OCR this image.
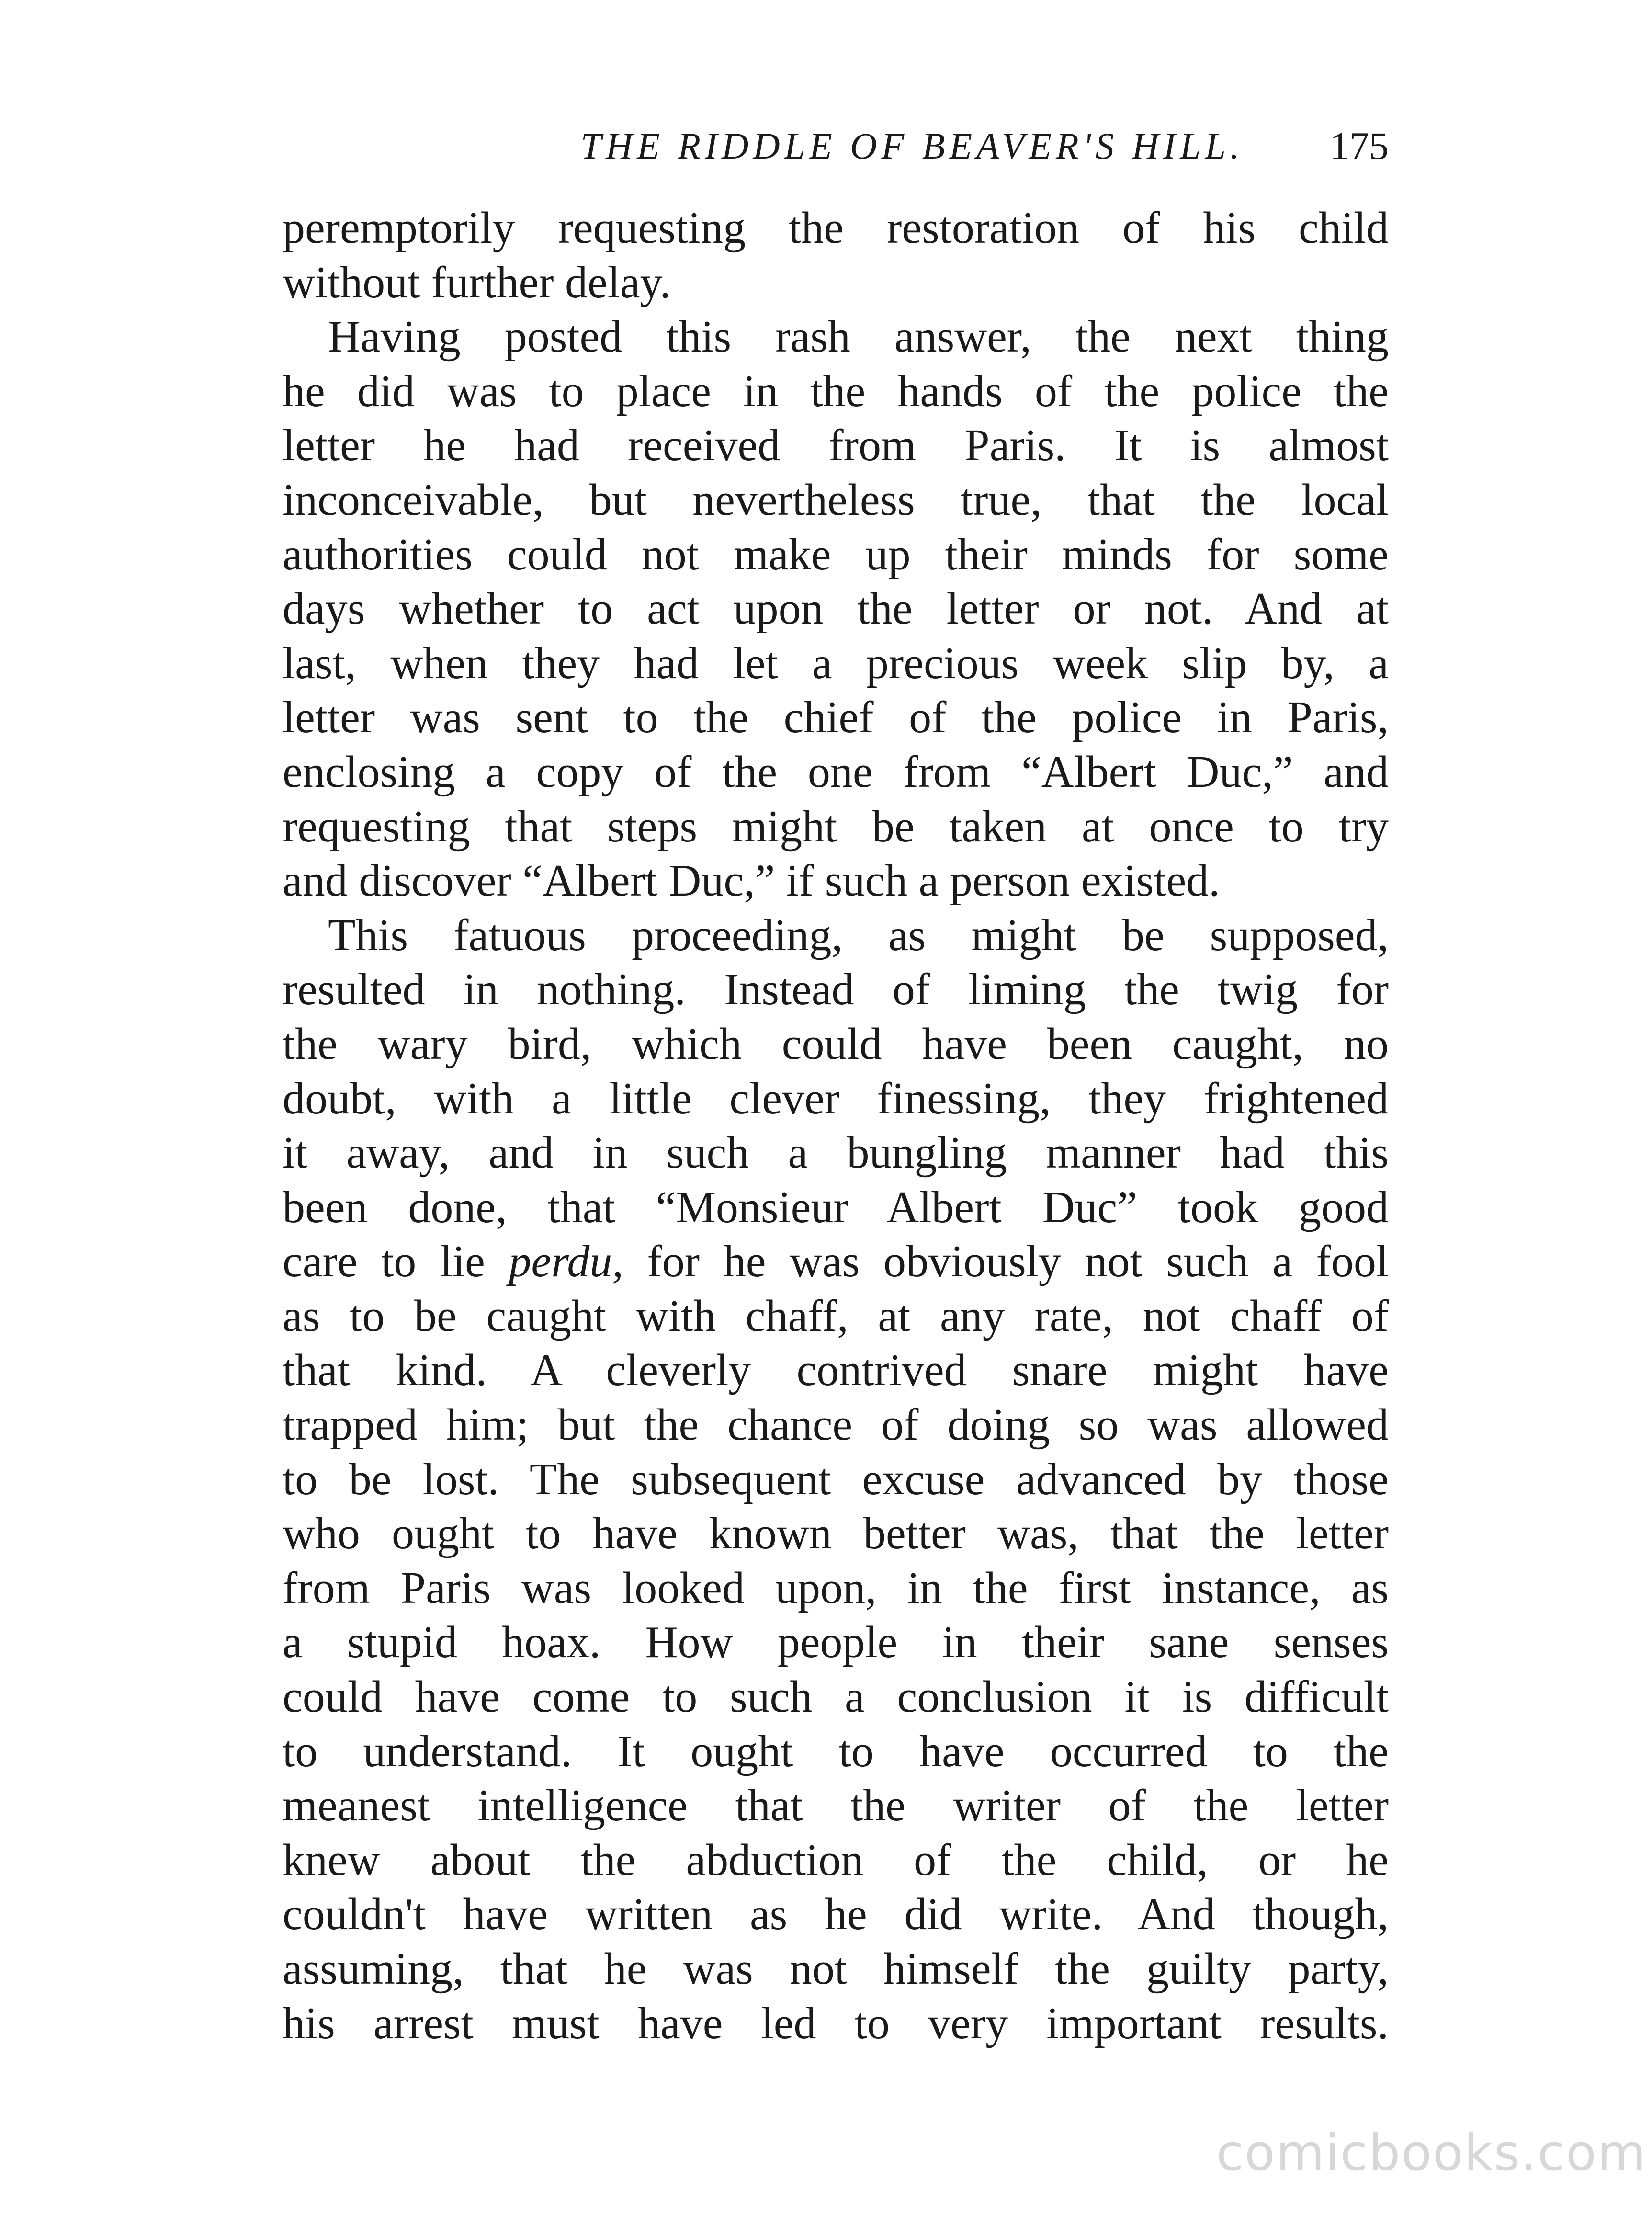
THE RIDDLE OF BEAVER'S HILL.	175
peremptorily requesting the restoration of his child
without further delay.
Having posted this rash answer, the next thing
he did was to place in the hands of the police the
letter he had received from Paris. It is almost
inconceivable, but nevertheless true, that the local
authorities could not make up their minds for some
days whether to act upon the letter or not. And at
last, when they had let a precious week slip by, a
letter was sent to the chief of the police in Paris,
enclosing a copy of the one from “Albert Duc,” and
requesting that steps might be taken at once to try
and discover “Albert Duc,” if such a person existed.
This fatuous proceeding, as might be supposed,
resulted in nothing. Instead of liming the twig for
the wary bird, which could have been caught, no
doubt, with a little clever finessing, they frightened
it away, and in such a bungling manner had this
been done, that “Monsieur Albert Duc” took good
care to lie perdu, for he was obviously not such a fool
as to be caught with chaff, at any rate, not chaff of
that kind. A cleverly contrived snare might have
trapped him; but the chance of doing so was allowed
to be lost. The subsequent excuse advanced by those
who ought to have known better was, that the letter
from Paris was looked upon, in the first instance, as
a stupid hoax. How people in their sane senses
could have come to such a conclusion it is difficult
to understand. It ought to have occurred to the
meanest intelligence that the writer of the letter
knew about the abduction of the child, or he
couldn't have written as he did write. And though,
assuming, that he was not himself the guilty party,
his arrest must have led to very important results.
comicbooks.com
